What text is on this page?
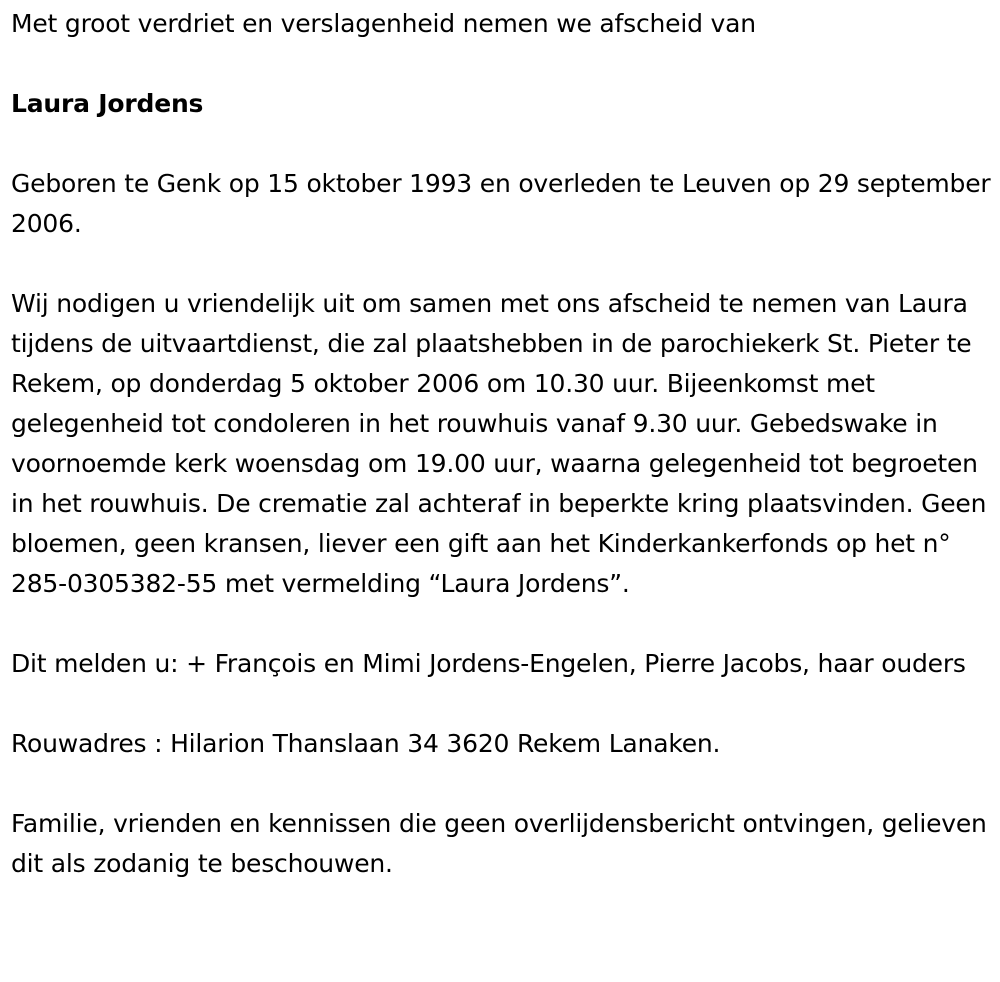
Met groot verdriet en verslagenheid nemen we afscheid van

Laura Jordens

Geboren te Genk op 15 oktober 1993 en overleden te Leuven op 29 september 2006.

Wij nodigen u vriendelijk uit om samen met ons afscheid te nemen van Laura tijdens de uitvaartdienst, die zal plaatshebben in de parochiekerk St. Pieter te Rekem, op donderdag 5 oktober 2006 om 10.30 uur. Bijeenkomst met gelegenheid tot condoleren in het rouwhuis vanaf 9.30 uur. Gebedswake in voornoemde kerk woensdag om 19.00 uur, waarna gelegenheid tot begroeten in het rouwhuis. De crematie zal achteraf in beperkte kring plaatsvinden. Geen bloemen, geen kransen, liever een gift aan het Kinderkankerfonds op het n° 285-0305382-55 met vermelding “Laura Jordens”.

Dit melden u: + François en Mimi Jordens-Engelen, Pierre Jacobs, haar ouders

Rouwadres : Hilarion Thanslaan 34 3620 Rekem Lanaken.

Familie, vrienden en kennissen die geen overlijdensbericht ontvingen, gelieven dit als zodanig te beschouwen.
